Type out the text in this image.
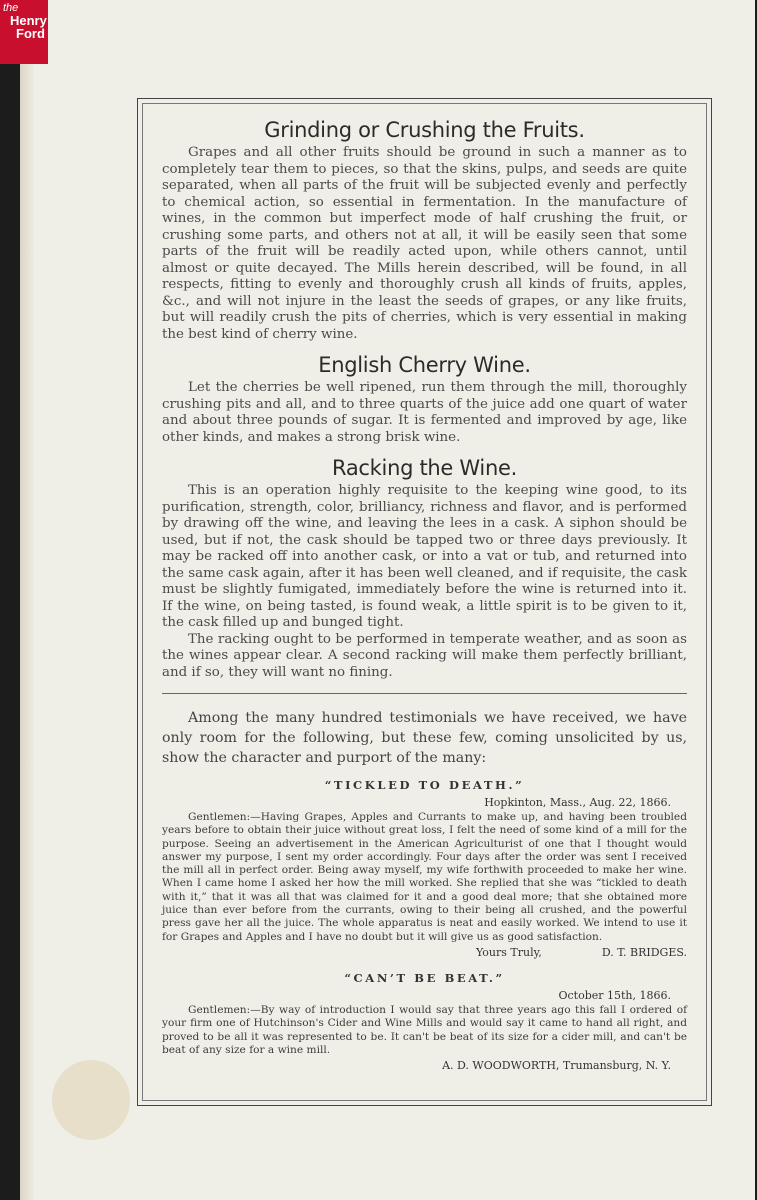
the
Henry
Ford
Grinding or Crushing the Fruits.

Grapes and all other fruits should be ground in such a manner as to completely tear them to pieces, so that the skins, pulps, and seeds are quite separated, when all parts of the fruit will be subjected evenly and perfectly to chemical action, so essential in fermentation. In the manufacture of wines, in the common but imperfect mode of half crushing the fruit, or crushing some parts, and others not at all, it will be easily seen that some parts of the fruit will be readily acted upon, while others cannot, until almost or quite decayed. The Mills herein described, will be found, in all respects, fitting to evenly and thoroughly crush all kinds of fruits, apples, &c., and will not injure in the least the seeds of grapes, or any like fruits, but will readily crush the pits of cherries, which is very essential in making the best kind of cherry wine.

English Cherry Wine.

Let the cherries be well ripened, run them through the mill, thoroughly crushing pits and all, and to three quarts of the juice add one quart of water and about three pounds of sugar. It is fermented and improved by age, like other kinds, and makes a strong brisk wine.

Racking the Wine.

This is an operation highly requisite to the keeping wine good, to its purification, strength, color, brilliancy, richness and flavor, and is performed by drawing off the wine, and leaving the lees in a cask. A siphon should be used, but if not, the cask should be tapped two or three days previously. It may be racked off into another cask, or into a vat or tub, and returned into the same cask again, after it has been well cleaned, and if requisite, the cask must be slightly fumigated, immediately before the wine is returned into it. If the wine, on being tasted, is found weak, a little spirit is to be given to it, the cask filled up and bunged tight.

The racking ought to be performed in temperate weather, and as soon as the wines appear clear. A second racking will make them perfectly brilliant, and if so, they will want no fining.

Among the many hundred testimonials we have received, we have only room for the following, but these few, coming unsolicited by us, show the character and purport of the many:

“TICKLED TO DEATH.”
Hopkinton, Mass., Aug. 22, 1866.

Gentlemen:—Having Grapes, Apples and Currants to make up, and having been troubled years before to obtain their juice without great loss, I felt the need of some kind of a mill for the purpose. Seeing an advertisement in the American Agriculturist of one that I thought would answer my purpose, I sent my order accordingly. Four days after the order was sent I received the mill all in perfect order. Being away myself, my wife forthwith proceeded to make her wine. When I came home I asked her how the mill worked. She replied that she was “tickled to death with it,” that it was all that was claimed for it and a good deal more; that she obtained more juice than ever before from the currants, owing to their being all crushed, and the powerful press gave her all the juice. The whole apparatus is neat and easily worked. We intend to use it for Grapes and Apples and I have no doubt but it will give us as good satisfaction.

Yours Truly,	D. T. BRIDGES.
“CAN’T BE BEAT.”
October 15th, 1866.

Gentlemen:—By way of introduction I would say that three years ago this fall I ordered of your firm one of Hutchinson's Cider and Wine Mills and would say it came to hand all right, and proved to be all it was represented to be. It can't be beat of its size for a cider mill, and can't be beat of any size for a wine mill.

A. D. WOODWORTH, Trumansburg, N. Y.
